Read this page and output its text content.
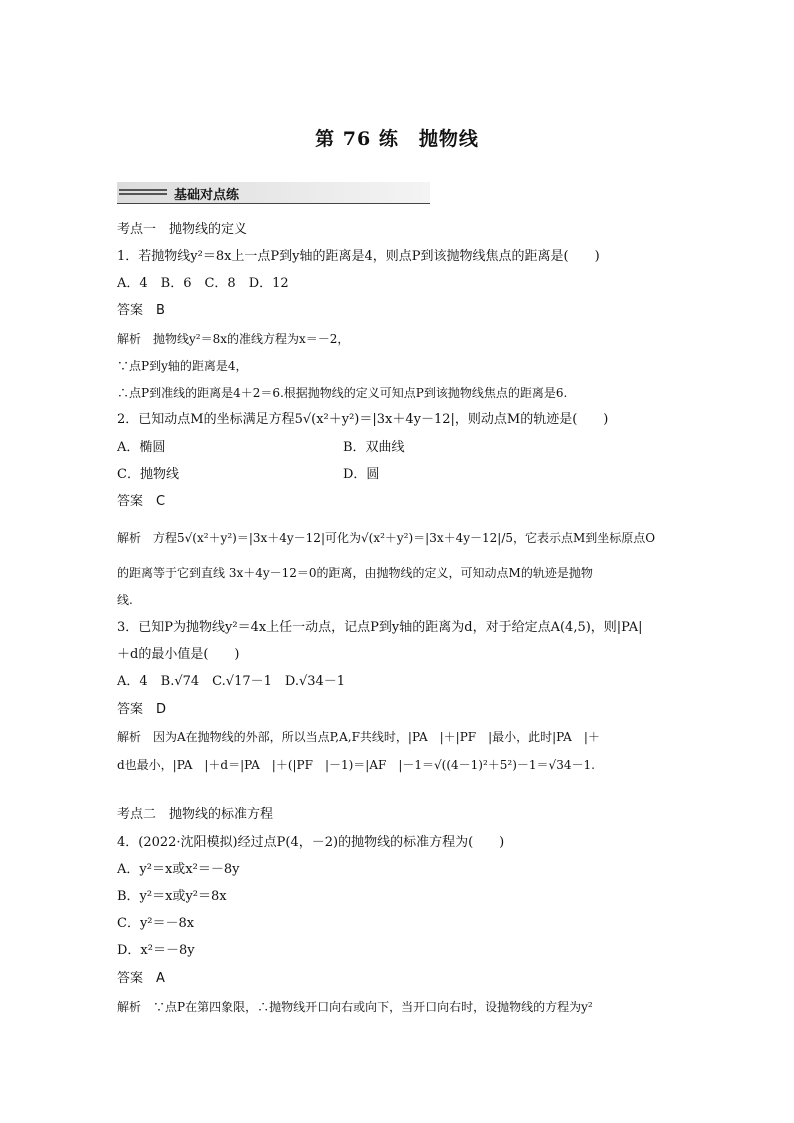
第 76 练　抛物线
基础对点练
考点一　抛物线的定义
1．若抛物线y²＝8x上一点P到y轴的距离是4，则点P到该抛物线焦点的距离是(　　)
A．4　B．6　C．8　D．12
答案　B
解析　抛物线y²＝8x的准线方程为x＝－2，
∵点P到y轴的距离是4，
∴点P到准线的距离是4＋2＝6.根据抛物线的定义可知点P到该抛物线焦点的距离是6.
2．已知动点M的坐标满足方程5√(x²＋y²)＝|3x＋4y－12|，则动点M的轨迹是(　　)
A．椭圆	B．双曲线
C．抛物线	D．圆
答案　C
解析　方程5√(x²＋y²)＝|3x＋4y－12|可化为√(x²＋y²)＝|3x＋4y－12|/5，它表示点M到坐标原点O
的距离等于它到直线 3x＋4y－12＝0的距离，由抛物线的定义，可知动点M的轨迹是抛物
线.
3．已知P为抛物线y²＝4x上任一动点，记点P到y轴的距离为d，对于给定点A(4,5)，则|PA|
＋d的最小值是(　　)
A．4　B.√74　C.√17－1　D.√34－1
答案　D
解析　因为A在抛物线的外部，所以当点P,A,F共线时，|PA　|＋|PF　|最小，此时|PA　|＋
d也最小，|PA　|＋d＝|PA　|＋(|PF　|－1)＝|AF　|－1＝√((4－1)²＋5²)－1＝√34－1.
考点二　抛物线的标准方程
4．(2022·沈阳模拟)经过点P(4，－2)的抛物线的标准方程为(　　)
A．y²＝x或x²＝－8y
B．y²＝x或y²＝8x
C．y²＝－8x
D．x²＝－8y
答案　A
解析　∵点P在第四象限，∴抛物线开口向右或向下，当开口向右时，设抛物线的方程为y²
